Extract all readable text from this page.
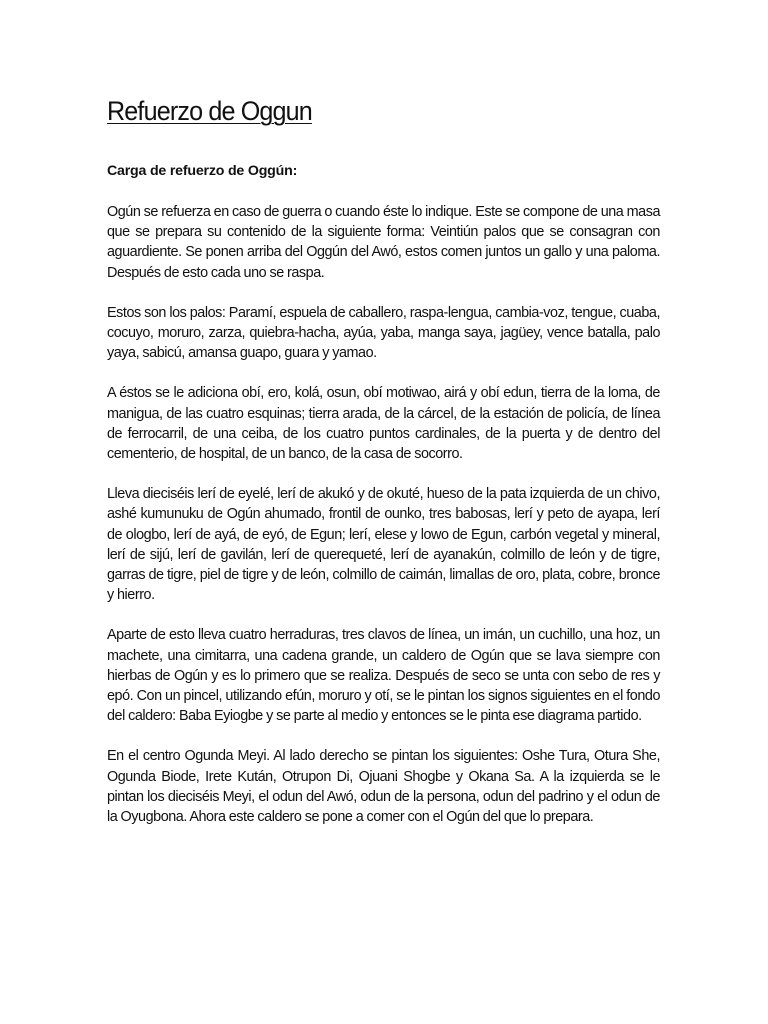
Refuerzo de Oggun
Carga de refuerzo de Oggún:

Ogún se refuerza en caso de guerra o cuando éste lo indique. Este se compone de una masa que se prepara su contenido de la siguiente forma: Veintiún palos que se consagran con aguardiente. Se ponen arriba del Oggún del Awó, estos comen juntos un gallo y una paloma. Después de esto cada uno se raspa.

Estos son los palos: Paramí, espuela de caballero, raspa-lengua, cambia-voz, tengue, cuaba, cocuyo, moruro, zarza, quiebra-hacha, ayúa, yaba, manga saya, jagüey, vence batalla, palo yaya, sabicú, amansa guapo, guara y yamao.

A éstos se le adiciona obí, ero, kolá, osun, obí motiwao, airá y obí edun, tierra de la loma, de manigua, de las cuatro esquinas; tierra arada, de la cárcel, de la estación de policía, de línea de ferrocarril, de una ceiba, de los cuatro puntos cardinales, de la puerta y de dentro del cementerio, de hospital, de un banco, de la casa de socorro.

Lleva dieciséis lerí de eyelé, lerí de akukó y de okuté, hueso de la pata izquierda de un chivo, ashé kumunuku de Ogún ahumado, frontil de ounko, tres babosas, lerí y peto de ayapa, lerí de ologbo, lerí de ayá, de eyó, de Egun; lerí, elese y lowo de Egun, carbón vegetal y mineral, lerí de sijú, lerí de gavilán, lerí de querequeté, lerí de ayanakún, colmillo de león y de tigre, garras de tigre, piel de tigre y de león, colmillo de caimán, limallas de oro, plata, cobre, bronce y hierro.

Aparte de esto lleva cuatro herraduras, tres clavos de línea, un imán, un cuchillo, una hoz, un machete, una cimitarra, una cadena grande, un caldero de Ogún que se lava siempre con hierbas de Ogún y es lo primero que se realiza. Después de seco se unta con sebo de res y epó. Con un pincel, utilizando efún, moruro y otí, se le pintan los signos siguientes en el fondo del caldero: Baba Eyiogbe y se parte al medio y entonces se le pinta ese diagrama partido.

En el centro Ogunda Meyi. Al lado derecho se pintan los siguientes: Oshe Tura, Otura She, Ogunda Biode, Irete Kután, Otrupon Di, Ojuani Shogbe y Okana Sa. A la izquierda se le pintan los dieciséis Meyi, el odun del Awó, odun de la persona, odun del padrino y el odun de la Oyugbona. Ahora este caldero se pone a comer con el Ogún del que lo prepara.
